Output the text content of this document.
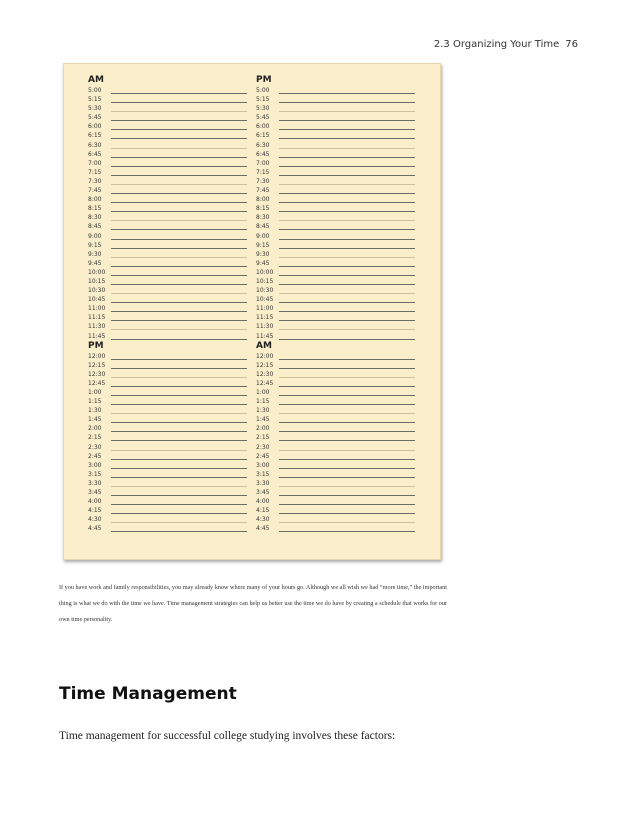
2.3 Organizing Your Time 76
AM
5:00
5:15
5:30
5:45
6:00
6:15
6:30
6:45
7:00
7:15
7:30
7:45
8:00
8:15
8:30
8:45
9:00
9:15
9:30
9:45
10:00
10:15
10:30
10:45
11:00
11:15
11:30
11:45
PM
12:00
12:15
12:30
12:45
1:00
1:15
1:30
1:45
2:00
2:15
2:30
2:45
3:00
3:15
3:30
3:45
4:00
4:15
4:30
4:45
PM
5:00
5:15
5:30
5:45
6:00
6:15
6:30
6:45
7:00
7:15
7:30
7:45
8:00
8:15
8:30
8:45
9:00
9:15
9:30
9:45
10:00
10:15
10:30
10:45
11:00
11:15
11:30
11:45
AM
12:00
12:15
12:30
12:45
1:00
1:15
1:30
1:45
2:00
2:15
2:30
2:45
3:00
3:15
3:30
3:45
4:00
4:15
4:30
4:45
If you have work and family responsibilities, you may already know where many of your hours go. Although we all wish we had “more time,” the important thing is what we do with the time we have. Time management strategies can help us better use the time we do have by creating a schedule that works for our own time personality.
Time Management
Time management for successful college studying involves these factors:
